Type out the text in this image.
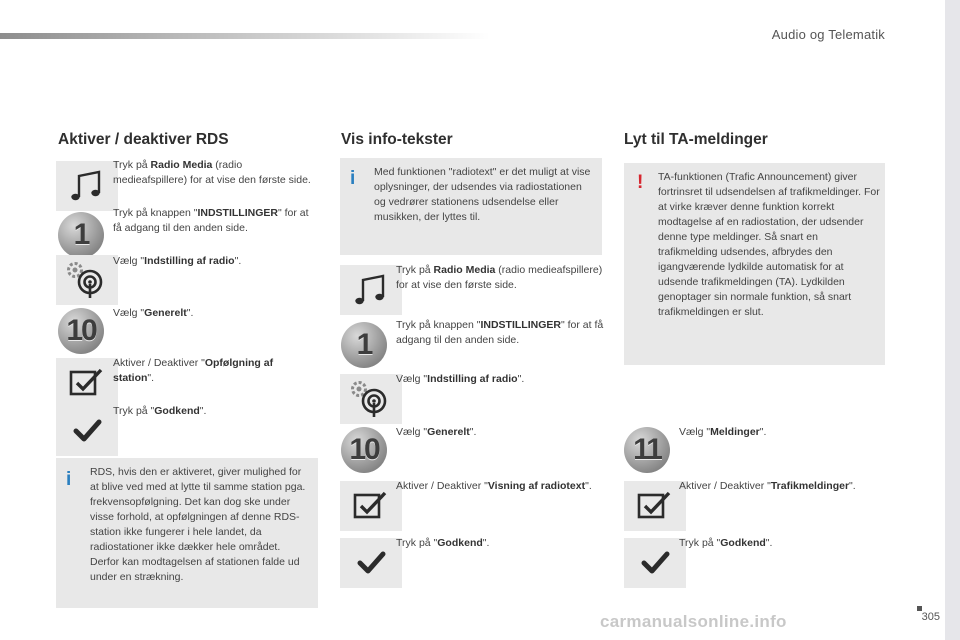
Audio og Telematik
Aktiver / deaktiver RDS
Tryk på Radio Media (radio medieafspillere) for at vise den første side.
1
Tryk på knappen "INDSTILLINGER" for at få adgang til den anden side.
Vælg "Indstilling af radio".
10
Vælg "Generelt".
Aktiver / Deaktiver "Opfølgning af station".
Tryk på "Godkend".
i RDS, hvis den er aktiveret, giver mulighed for at blive ved med at lytte til samme station pga. frekvensopfølgning. Det kan dog ske under visse forhold, at opfølgningen af denne RDS-station ikke fungerer i hele landet, da radiostationer ikke dækker hele området. Derfor kan modtagelsen af stationen falde ud under en strækning.
Vis info-tekster
i Med funktionen "radiotext" er det muligt at vise oplysninger, der udsendes via radiostationen og vedrører stationens udsendelse eller musikken, der lyttes til.
Tryk på Radio Media (radio medieafspillere) for at vise den første side.
1
Tryk på knappen "INDSTILLINGER" for at få adgang til den anden side.
Vælg "Indstilling af radio".
10
Vælg "Generelt".
Aktiver / Deaktiver "Visning af radiotext".
Tryk på "Godkend".
Lyt til TA-meldinger
! TA-funktionen (Trafic Announcement) giver fortrinsret til udsendelsen af trafikmeldinger. For at virke kræver denne funktion korrekt modtagelse af en radiostation, der udsender denne type meldinger. Så snart en trafikmelding udsendes, afbrydes den igangværende lydkilde automatisk for at udsende trafikmeldingen (TA). Lydkilden genoptager sin normale funktion, så snart trafikmeldingen er slut.
11
Vælg "Meldinger".
Aktiver / Deaktiver "Trafikmeldinger".
Tryk på "Godkend".
carmanualsonline.info	305
